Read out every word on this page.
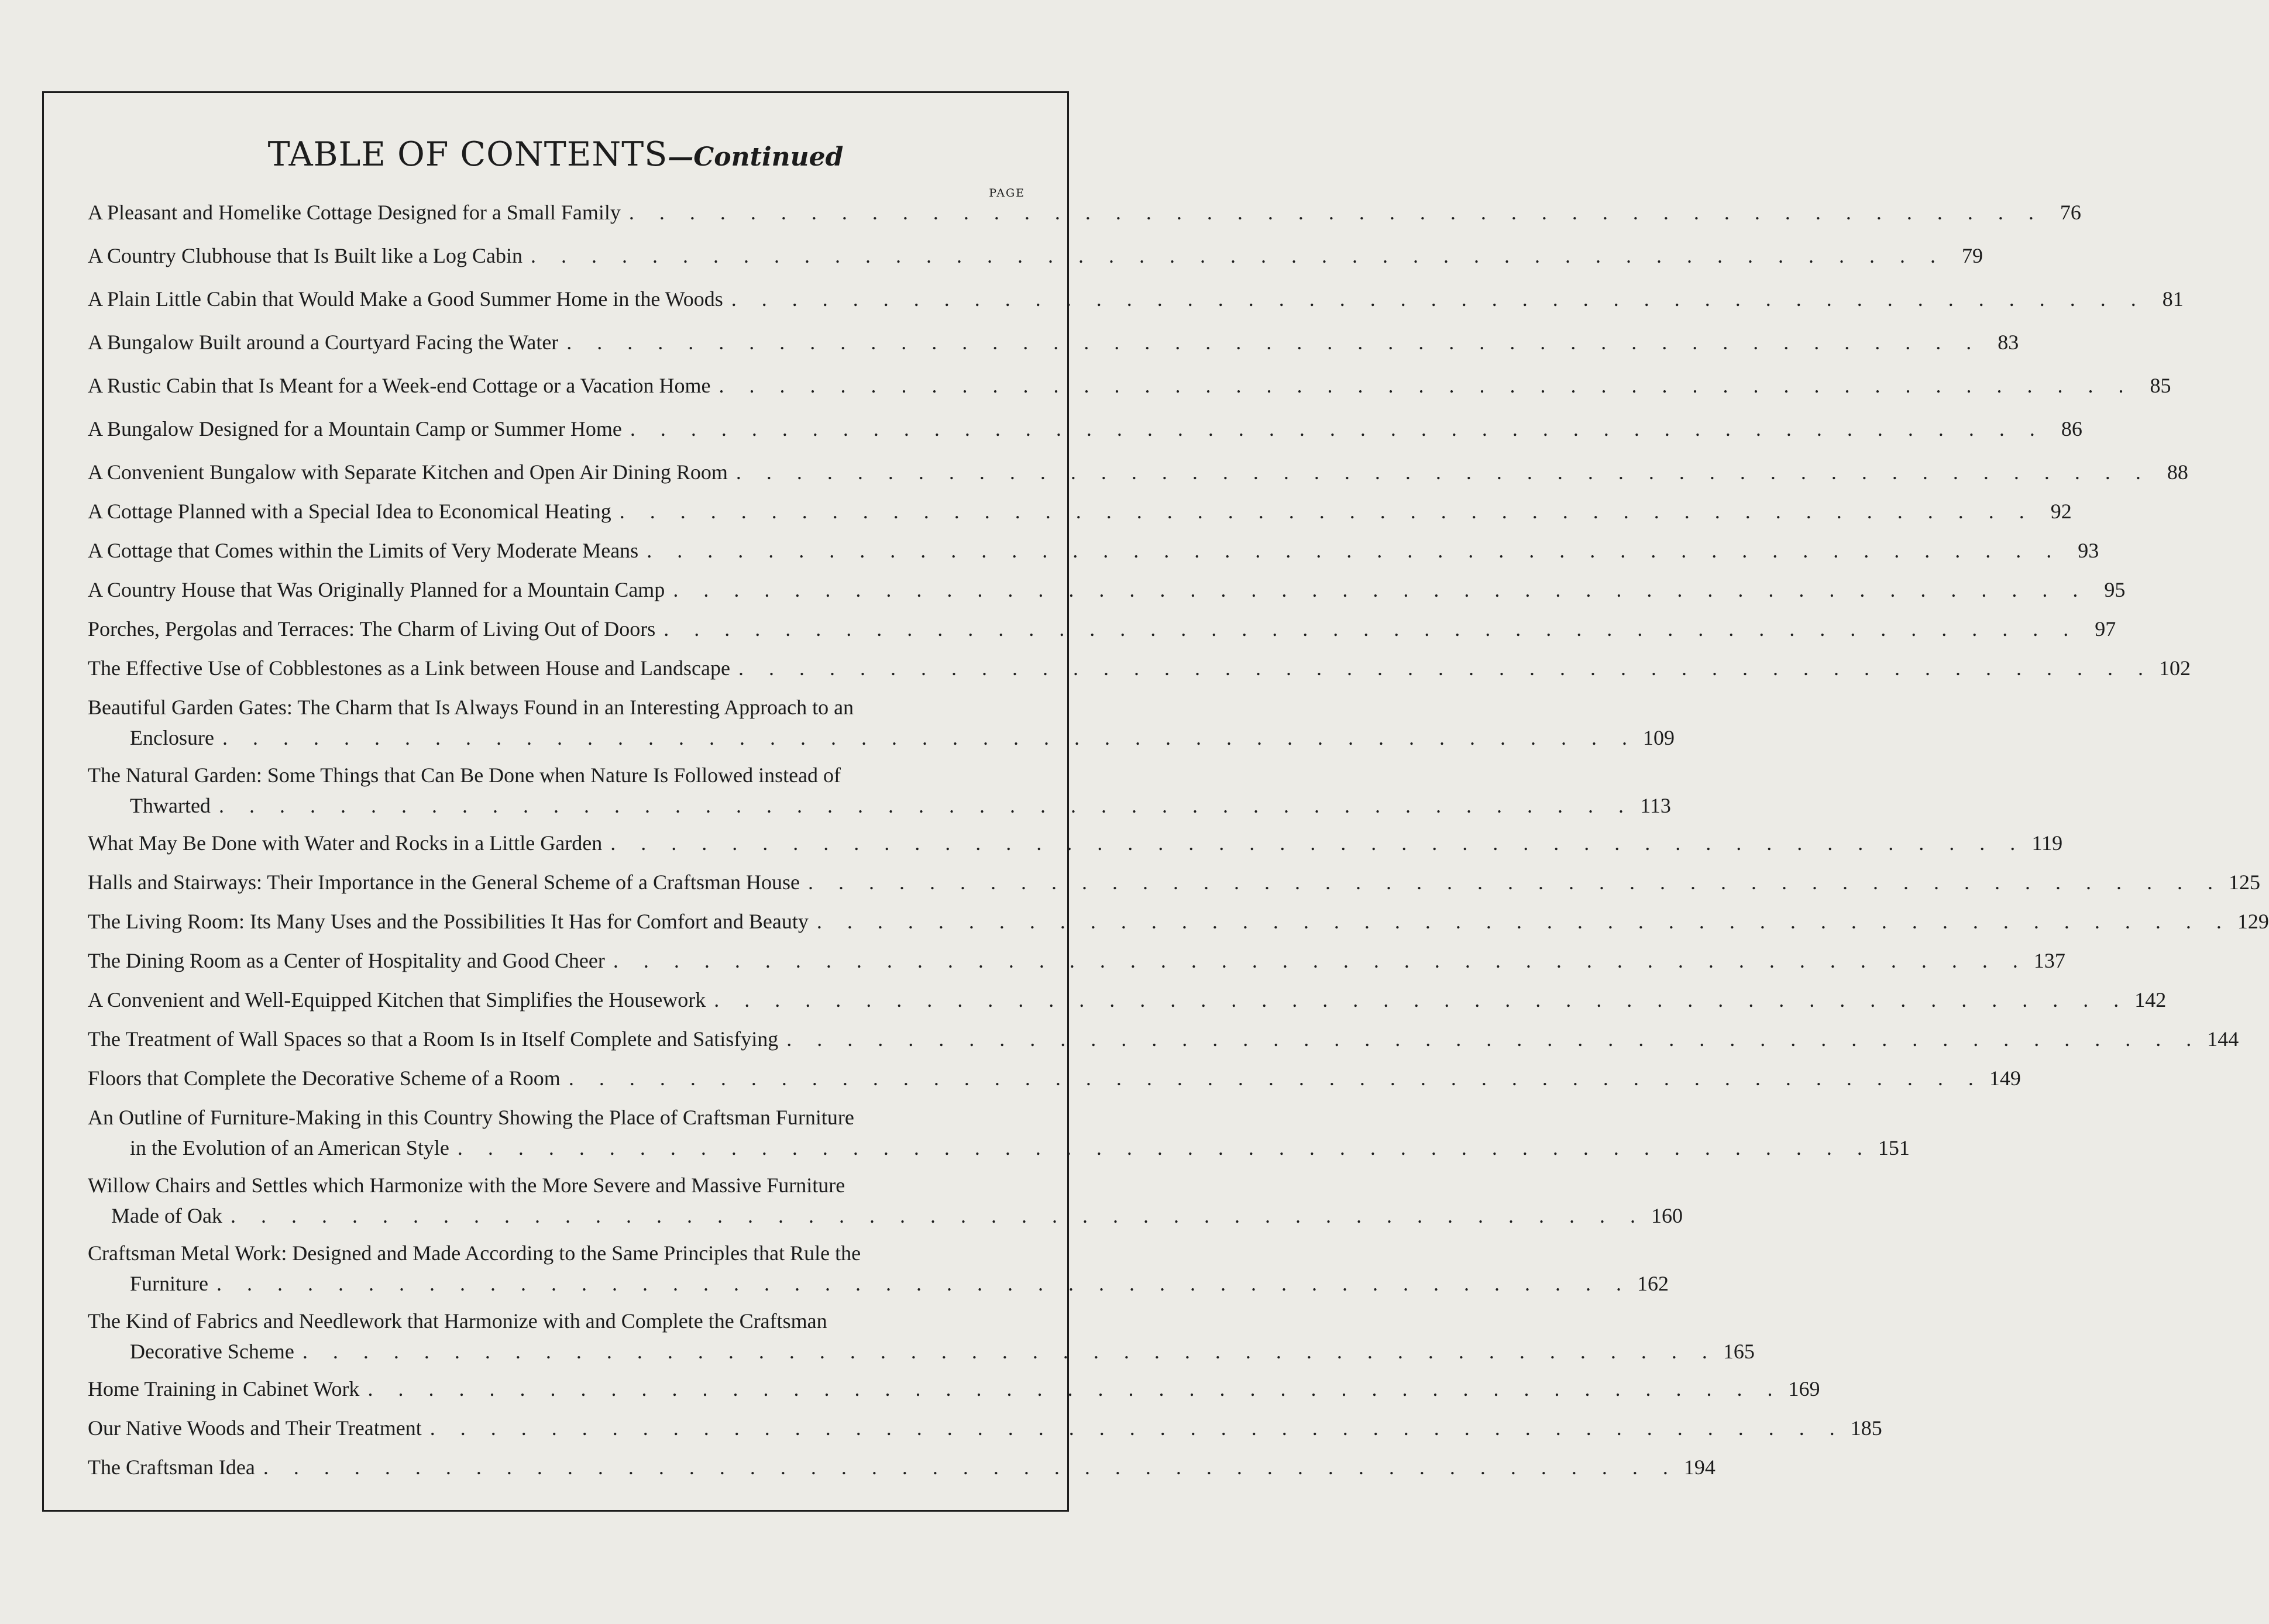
TABLE OF CONTENTS—Continued
PAGE
A Pleasant and Homelike Cottage Designed for a Small Family . . . . . . . . . . . . . . . . . . . . . . . . . . . . . . . . . . . . . . . . . . . . . . . 76
A Country Clubhouse that Is Built like a Log Cabin . . . . . . . . . . . . . . . . . . . . . . . . . . . . . . . . . . . . . . . . . . . . . . . 79
A Plain Little Cabin that Would Make a Good Summer Home in the Woods . . . . . . . . . . . . . . . . . . . . . . . . . . . . . . . . . . . . . . . . . . . . . . . 81
A Bungalow Built around a Courtyard Facing the Water . . . . . . . . . . . . . . . . . . . . . . . . . . . . . . . . . . . . . . . . . . . . . . . 83
A Rustic Cabin that Is Meant for a Week-end Cottage or a Vacation Home . . . . . . . . . . . . . . . . . . . . . . . . . . . . . . . . . . . . . . . . . . . . . . . 85
A Bungalow Designed for a Mountain Camp or Summer Home . . . . . . . . . . . . . . . . . . . . . . . . . . . . . . . . . . . . . . . . . . . . . . . 86
A Convenient Bungalow with Separate Kitchen and Open Air Dining Room . . . . . . . . . . . . . . . . . . . . . . . . . . . . . . . . . . . . . . . . . . . . . . . 88
A Cottage Planned with a Special Idea to Economical Heating . . . . . . . . . . . . . . . . . . . . . . . . . . . . . . . . . . . . . . . . . . . . . . . 92
A Cottage that Comes within the Limits of Very Moderate Means . . . . . . . . . . . . . . . . . . . . . . . . . . . . . . . . . . . . . . . . . . . . . . . 93
A Country House that Was Originally Planned for a Mountain Camp . . . . . . . . . . . . . . . . . . . . . . . . . . . . . . . . . . . . . . . . . . . . . . . 95
Porches, Pergolas and Terraces: The Charm of Living Out of Doors . . . . . . . . . . . . . . . . . . . . . . . . . . . . . . . . . . . . . . . . . . . . . . . 97
The Effective Use of Cobblestones as a Link between House and Landscape . . . . . . . . . . . . . . . . . . . . . . . . . . . . . . . . . . . . . . . . . . . . . . . 102
Beautiful Garden Gates: The Charm that Is Always Found in an Interesting Approach to an
Enclosure . . . . . . . . . . . . . . . . . . . . . . . . . . . . . . . . . . . . . . . . . . . . . . . 109
The Natural Garden: Some Things that Can Be Done when Nature Is Followed instead of
Thwarted . . . . . . . . . . . . . . . . . . . . . . . . . . . . . . . . . . . . . . . . . . . . . . . 113
What May Be Done with Water and Rocks in a Little Garden . . . . . . . . . . . . . . . . . . . . . . . . . . . . . . . . . . . . . . . . . . . . . . . 119
Halls and Stairways: Their Importance in the General Scheme of a Craftsman House . . . . . . . . . . . . . . . . . . . . . . . . . . . . . . . . . . . . . . . . . . . . . . . 125
The Living Room: Its Many Uses and the Possibilities It Has for Comfort and Beauty . . . . . . . . . . . . . . . . . . . . . . . . . . . . . . . . . . . . . . . . . . . . . . . 129
The Dining Room as a Center of Hospitality and Good Cheer . . . . . . . . . . . . . . . . . . . . . . . . . . . . . . . . . . . . . . . . . . . . . . . 137
A Convenient and Well-Equipped Kitchen that Simplifies the Housework . . . . . . . . . . . . . . . . . . . . . . . . . . . . . . . . . . . . . . . . . . . . . . . 142
The Treatment of Wall Spaces so that a Room Is in Itself Complete and Satisfying . . . . . . . . . . . . . . . . . . . . . . . . . . . . . . . . . . . . . . . . . . . . . . . 144
Floors that Complete the Decorative Scheme of a Room . . . . . . . . . . . . . . . . . . . . . . . . . . . . . . . . . . . . . . . . . . . . . . . 149
An Outline of Furniture-Making in this Country Showing the Place of Craftsman Furniture
in the Evolution of an American Style . . . . . . . . . . . . . . . . . . . . . . . . . . . . . . . . . . . . . . . . . . . . . . . 151
Willow Chairs and Settles which Harmonize with the More Severe and Massive Furniture
Made of Oak . . . . . . . . . . . . . . . . . . . . . . . . . . . . . . . . . . . . . . . . . . . . . . . 160
Craftsman Metal Work: Designed and Made According to the Same Principles that Rule the
Furniture . . . . . . . . . . . . . . . . . . . . . . . . . . . . . . . . . . . . . . . . . . . . . . . 162
The Kind of Fabrics and Needlework that Harmonize with and Complete the Craftsman
Decorative Scheme . . . . . . . . . . . . . . . . . . . . . . . . . . . . . . . . . . . . . . . . . . . . . . . 165
Home Training in Cabinet Work . . . . . . . . . . . . . . . . . . . . . . . . . . . . . . . . . . . . . . . . . . . . . . . 169
Our Native Woods and Their Treatment . . . . . . . . . . . . . . . . . . . . . . . . . . . . . . . . . . . . . . . . . . . . . . . 185
The Craftsman Idea . . . . . . . . . . . . . . . . . . . . . . . . . . . . . . . . . . . . . . . . . . . . . . . 194
